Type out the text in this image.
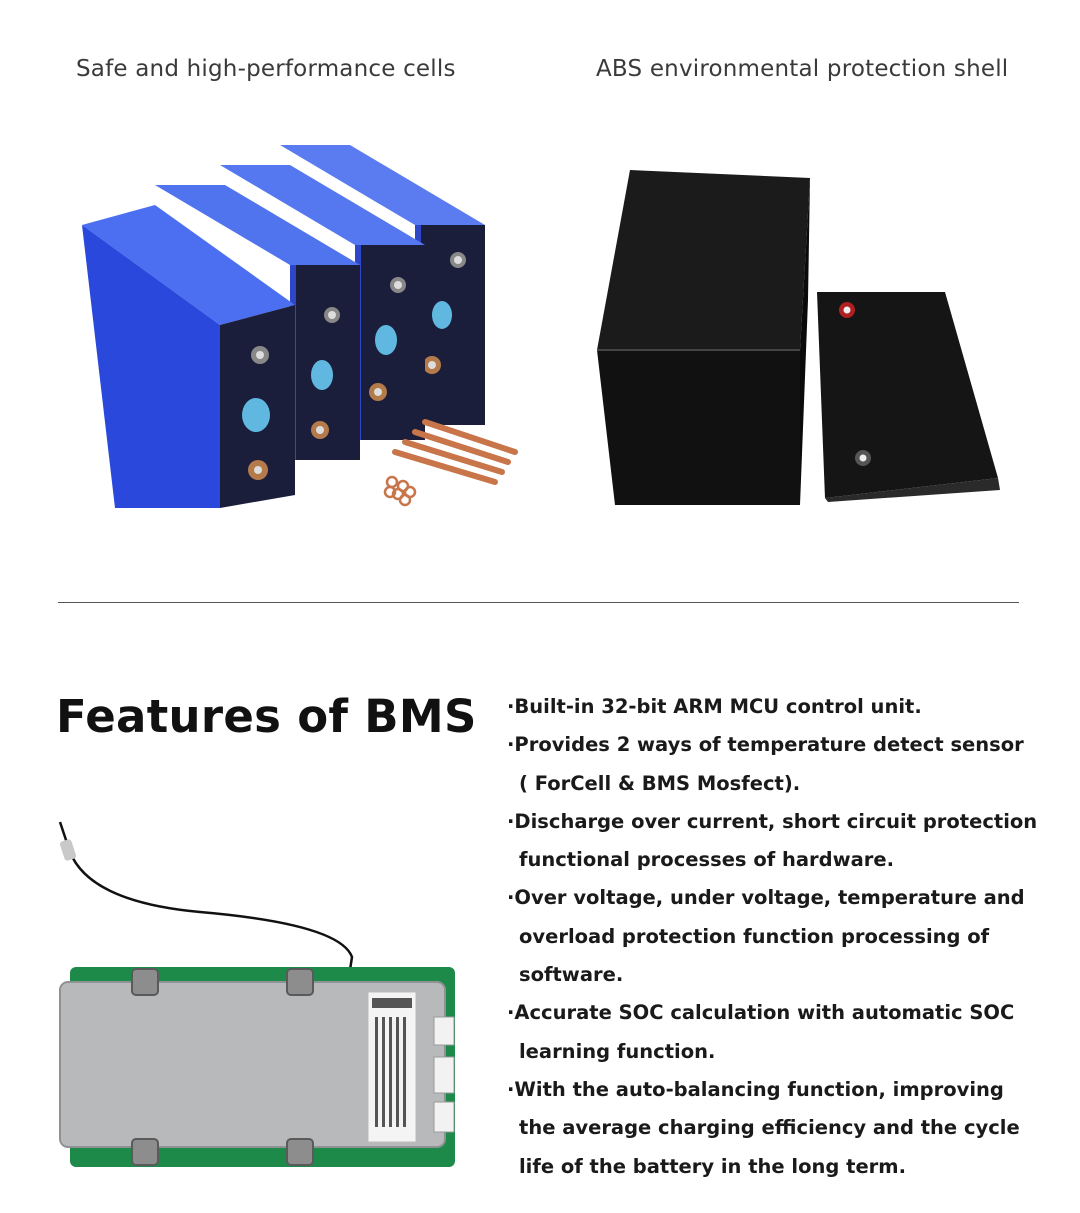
Safe and high-performance cells	ABS environmental protection shell
Features of BMS ·Built-in 32-bit ARM MCU control unit.
·Provides 2 ways of temperature detect sensor
( ForCell & BMS Mosfect).
·Discharge over current, short circuit protection
functional processes of hardware.
·Over voltage, under voltage, temperature and
overload protection function processing of
software.
·Accurate SOC calculation with automatic SOC
learning function.
·With the auto-balancing function, improving
the average charging efficiency and the cycle
life of the battery in the long term.
